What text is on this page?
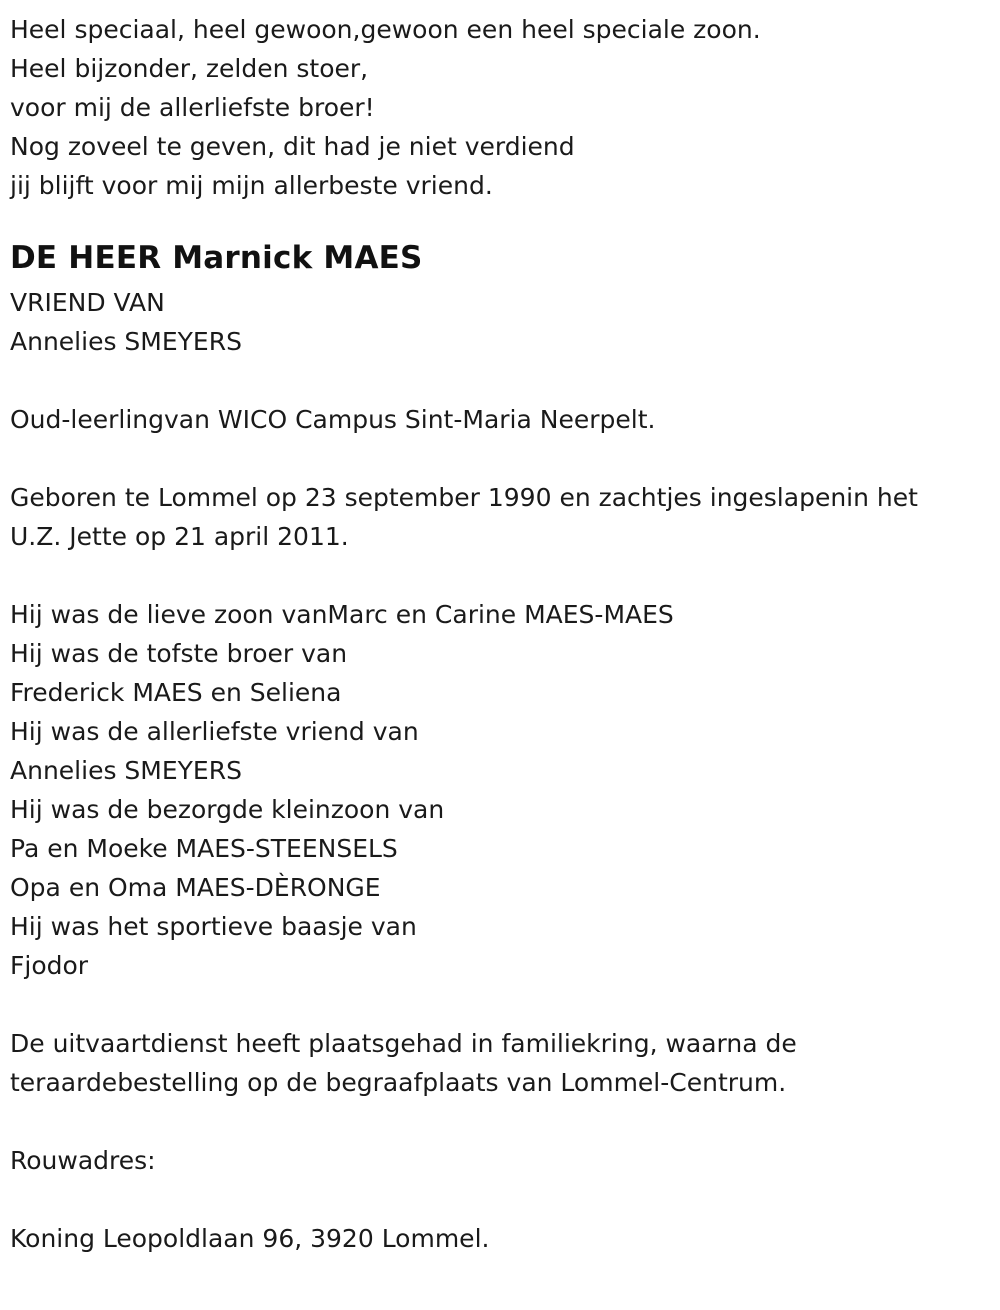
Heel speciaal, heel gewoon,gewoon een heel speciale zoon.
Heel bijzonder, zelden stoer,
voor mij de allerliefste broer!
Nog zoveel te geven, dit had je niet verdiend
jij blijft voor mij mijn allerbeste vriend.
DE HEER Marnick MAES
VRIEND VAN
Annelies SMEYERS
Oud-leerlingvan WICO Campus Sint-Maria Neerpelt.
Geboren te Lommel op 23 september 1990 en zachtjes ingeslapenin het
U.Z. Jette op 21 april 2011.
Hij was de lieve zoon vanMarc en Carine MAES-MAES
Hij was de tofste broer van
Frederick MAES en Seliena
Hij was de allerliefste vriend van
Annelies SMEYERS
Hij was de bezorgde kleinzoon van
Pa en Moeke MAES-STEENSELS
Opa en Oma MAES-DÈRONGE
Hij was het sportieve baasje van
Fjodor
De uitvaartdienst heeft plaatsgehad in familiekring, waarna de
teraardebestelling op de begraafplaats van Lommel-Centrum.
Rouwadres:
Koning Leopoldlaan 96, 3920 Lommel.
